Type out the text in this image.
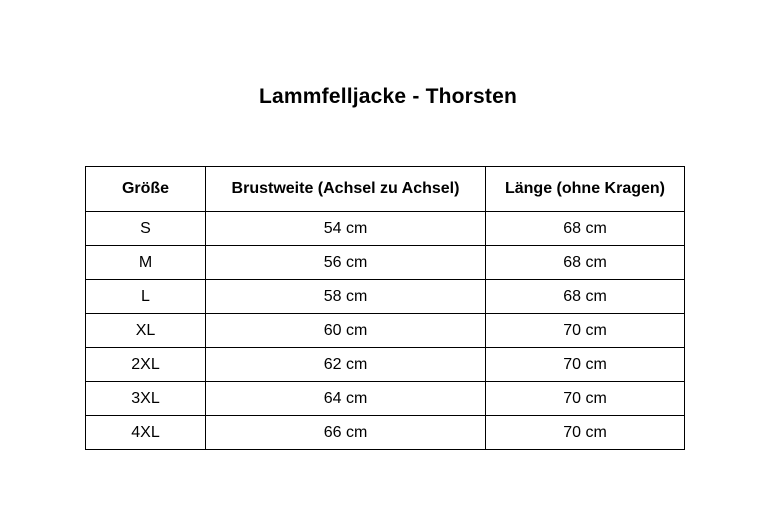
Lammfelljacke - Thorsten
Größe	Brustweite (Achsel zu Achsel)	Länge (ohne Kragen)
S	54 cm	68 cm
M	56 cm	68 cm
L	58 cm	68 cm
XL	60 cm	70 cm
2XL	62 cm	70 cm
3XL	64 cm	70 cm
4XL	66 cm	70 cm
